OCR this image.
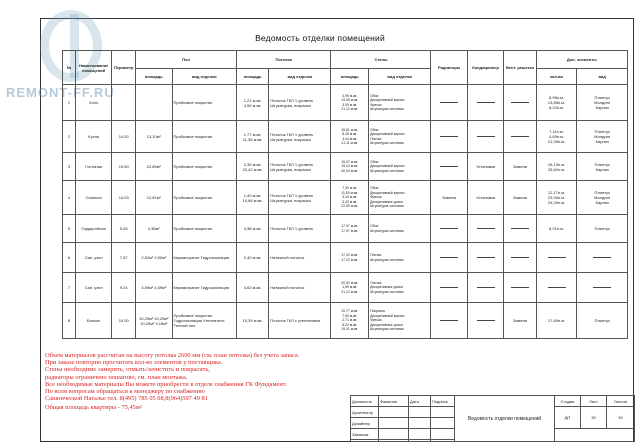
REMONT-FF.RU
Ведомость отделки помещений
№	Наименование помещений	Периметр	Пол		Потолок		Стены		Радиаторы	Кондиционер	Вент. решетки	Доп. элементы	
			площадь	вид отделки	площадь	вид отделки	площадь	вид отделки				кол-во	вид
1	Холл			Пробковое покрытие	1,21 м.кв.
4,59 м.кв.	Потолок ГКЛ 1 уровень
Штукатурка, покраска	4,99 м.кв.
13,05 м.кв.
3,09 м.кв.
21,12 м.кв.	Обои
Декоративный кирпич
Фреска
Штукатурка чистовая				8,95п.м.
13,85п.м.
8,22п.м.	Плинтус
Молдинг
Карниз

2	Кухня	14.52	13,10м²	Пробковое покрытие	1,77 м.кв.
11,35 м.кв.	Потолок ГКЛ 1 уровень
Штукатурка, покраска	16,81 м.кв.
8,45 м.кв.
4,04 м.кв.
21,11 м.кв.	Обои
Декоративный кирпич
Плитка
Штукатурка чистовая				7,11п.м.
4,65п.м.
21,09п.м.	Плинтус
Молдинг
Карниз

3	Гостиная	19.60	22,85м²	Пробковое покрытие	2,35 м.кв.
20,42 м.кв.	Потолок ГКЛ 1 уровень
Штукатурка, покраска	15,07 м.кв.
15,12 м.кв.
40,04 м.кв.	Обои
Декоративный кирпич
Штукатурка чистовая		Установка	Замена	15,13п.м.
25,62п.м.	Плинтус
Карниз

4	Спальня	14.03	12,61м²	Пробковое покрытие	1,40 м.кв.
10,66 м.кв.	Потолок ГКЛ 1 уровень
Штукатурка, покраска	7,30 м.кв.
11,50 м.кв.
3,10 м.кв.
3,32 м.кв.
22,50 м.кв.	Обои
Декоративный кирпич
Фреска
Декоративные доски
Штукатурка чистовая	Замена	Установка	Замена	12,17п.м.
23,90п.м.
24,00п.м.	Плинтус
Молдинг
Карниз

5	Гардеробная	5.05	4,38м²	Пробковое покрытие	4,38 м.кв.	Потолок ГКЛ 1 уровень	17,07 м.кв.
17,07 м.кв.	Обои
Штукатурка чистовая				8,01п.м.	Плинтус

6	Сан. узел	7.87	2,52м² 2,50м²	Керамогранит Гидроизоляция	2,40 м.кв.	Натяжной потолок	17,22 м.кв.
17,22 м.кв.	Плитка
Штукатурка чистовая					

7	Сан. узел	9.24	4,59м² 4,59м²	Керамогранит Гидроизоляция	4,63 м.кв.	Натяжной потолок	20,52 м.кв.
1,59 м.кв.
21,12 м.кв.	Плитка
Декоративные доски
Штукатурка чистовая					

8	Балкон	10.00	10,29м² 10,29м² 10,29м² 9,18м²	Пробковое покрытие Гидроизоляция Утеплитель Теплый пол	10,39 м.кв.	Потолок ГКЛ с утеплением	10,77 м.кв.
7,50 м.кв.
2,71 м.кв.
8,22 м.кв.
19,01 м.кв.	Покраска
Декоративный кирпич
Фреска
Декоративные доски
Штукатурка чистовая			Замена	17,60п.м.	Плинтус
Объем материалов рассчитан на высоту потолка 2600 мм (см. план потолка) без учета запаса.
При заказе повторно просчитать кол-во элементов у поставщика.
Стены необходимо замерить, отмыть/зачистить и покрасить,
радиаторы ограничено пошагово, см. план монтажа.
Все необходимые материалы Вы можете приобрести в отделе снабжения ГК Фундамент.
По всем вопросам обращаться к менеджеру по снабжению
Сашнической Наталье тел. 8(495) 785 05 08,8(964)597 49 81
Общая площадь квартиры - 75,45м²
Должность	Фамилия	Дата	Подпись	Ведомость отделки помещений	Стадия	Лист	Листов
Архитектор					ДП	30	30
Дизайнер							
Заказчик							
